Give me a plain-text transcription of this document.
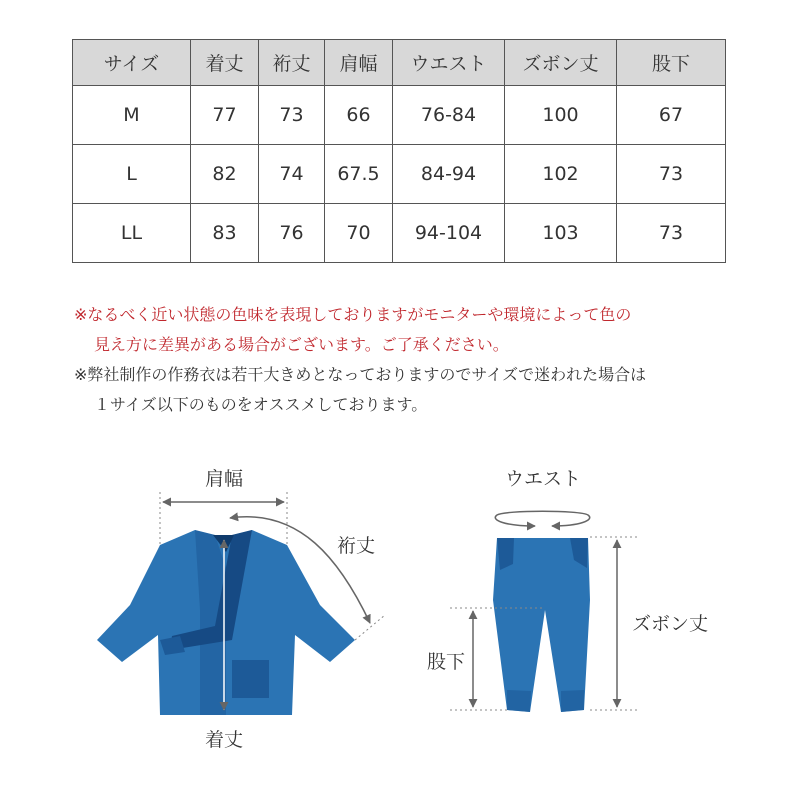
サイズ	着丈	裄丈	肩幅	ウエスト	ズボン丈	股下
M	77	73	66	76-84	100	67
L	82	74	67.5	84-94	102	73
LL	83	76	70	94-104	103	73
※なるべく近い状態の色味を表現しておりますがモニターや環境によって色の
見え方に差異がある場合がございます。ご了承ください。
※弊社制作の作務衣は若干大きめとなっておりますのでサイズで迷われた場合は
１サイズ以下のものをオススメしております。
肩幅
裄丈
着丈
ウエスト
ズボン丈
股下
